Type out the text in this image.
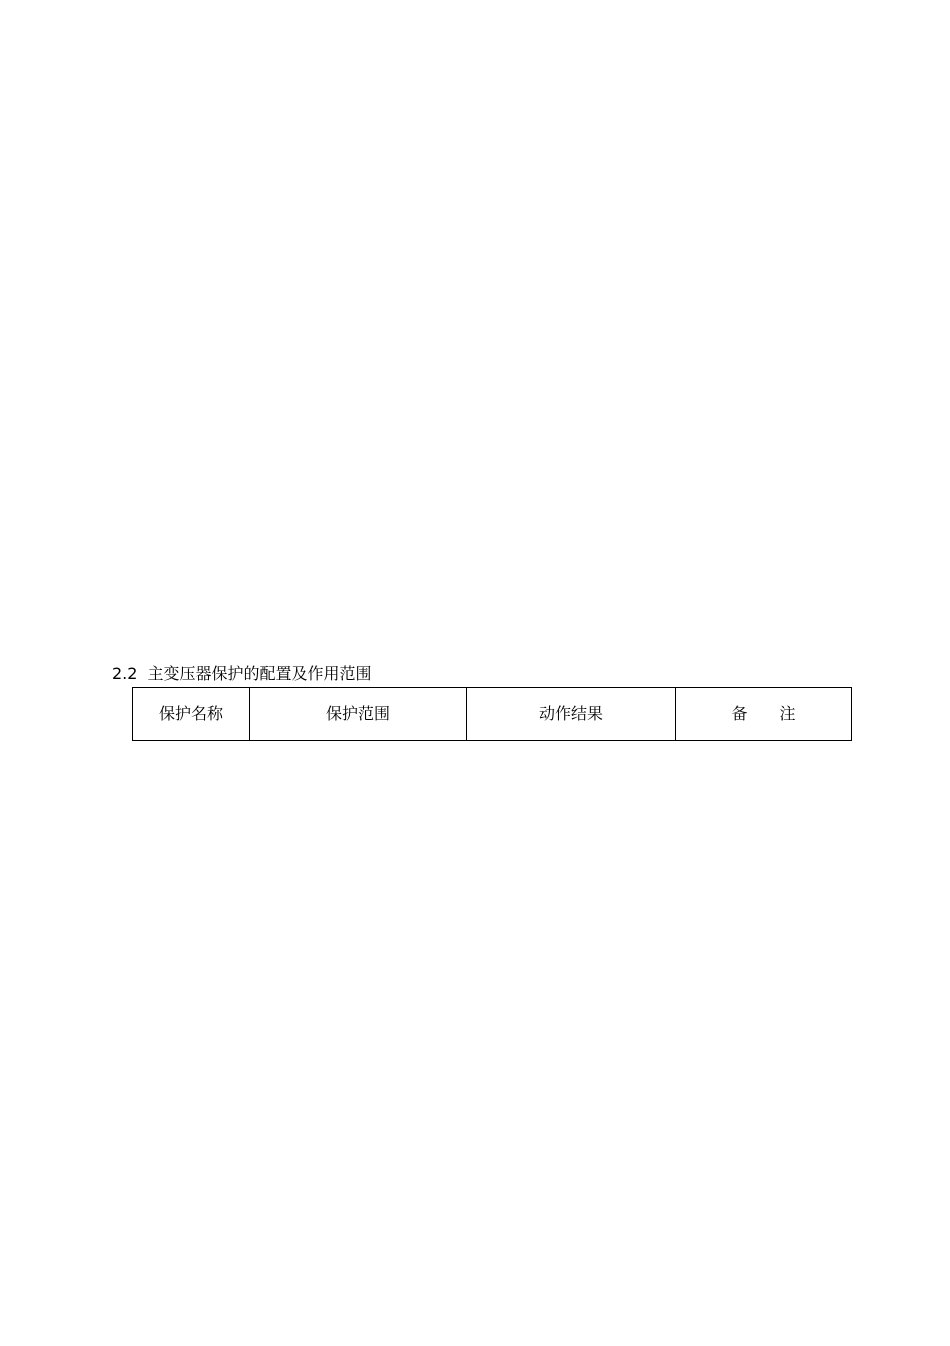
2.2 主变压器保护的配置及作用范围
保护名称	保护范围	动作结果	备　　注
